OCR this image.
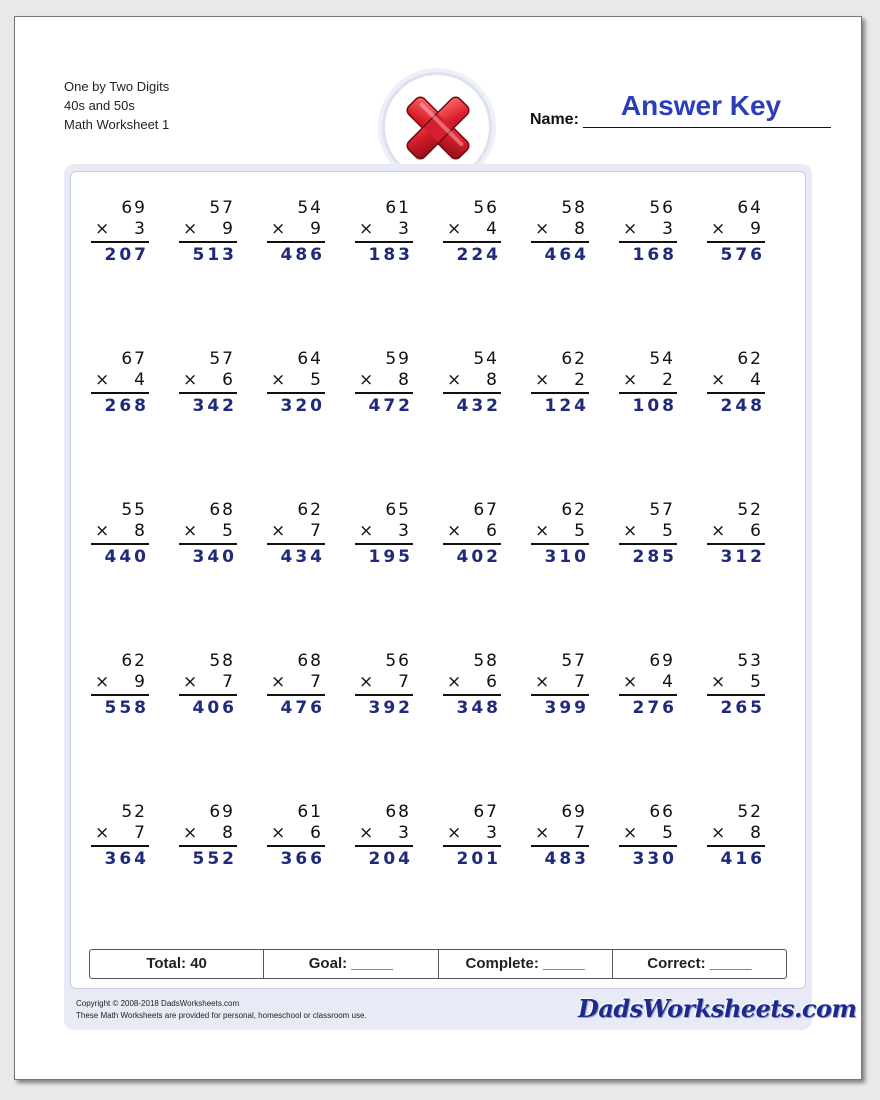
One by Two Digits
40s and 50s
Math Worksheet 1	Name:	Answer Key
69
× 3
207
57
× 9
513
54
× 9
486
61
× 3
183
56
× 4
224
58
× 8
464
56
× 3
168
64
× 9
576
67
× 4
268
57
× 6
342
64
× 5
320
59
× 8
472
54
× 8
432
62
× 2
124
54
× 2
108
62
× 4
248
55
× 8
440
68
× 5
340
62
× 7
434
65
× 3
195
67
× 6
402
62
× 5
310
57
× 5
285
52
× 6
312
62
× 9
558
58
× 7
406
68
× 7
476
56
× 7
392
58
× 6
348
57
× 7
399
69
× 4
276
53
× 5
265
52
× 7
364
69
× 8
552
61
× 6
366
68
× 3
204
67
× 3
201
69
× 7
483
66
× 5
330
52
× 8
416
Total: 40	Goal: _____	Complete: _____	Correct: _____
Copyright © 2008-2018 DadsWorksheets.com
These Math Worksheets are provided for personal, homeschool or classroom use.	DadsWorksheets.com
